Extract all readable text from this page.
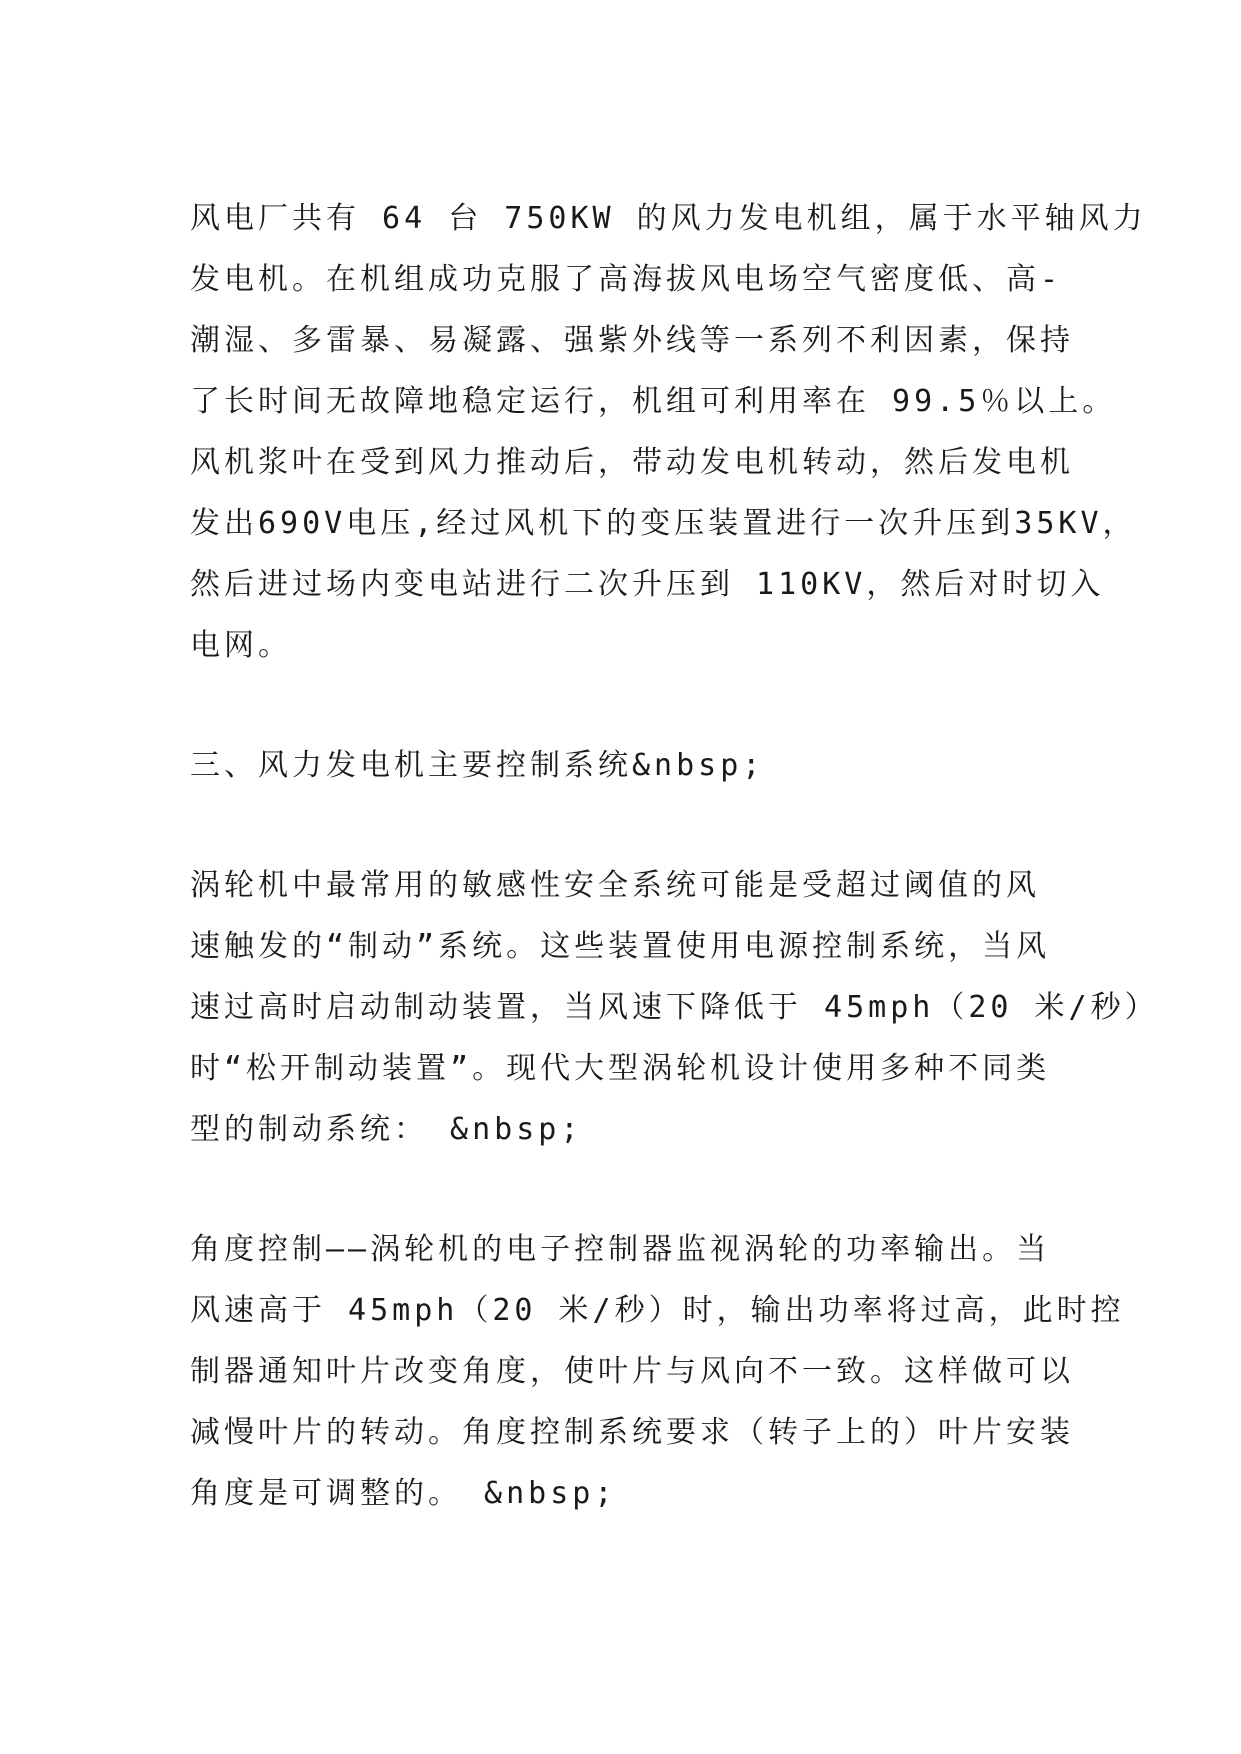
风电厂共有 64 台 750KW 的风力发电机组，属于水平轴风力
发电机。在机组成功克服了高海拔风电场空气密度低、高-
潮湿、多雷暴、易凝露、强紫外线等一系列不利因素，保持
了长时间无故障地稳定运行，机组可利用率在 99.5％以上。
风机浆叶在受到风力推动后，带动发电机转动，然后发电机
发出690V电压,经过风机下的变压装置进行一次升压到35KV，
然后进过场内变电站进行二次升压到 110KV，然后对时切入
电网。

三、风力发电机主要控制系统&nbsp;

涡轮机中最常用的敏感性安全系统可能是受超过阈值的风
速触发的“制动”系统。这些装置使用电源控制系统，当风
速过高时启动制动装置，当风速下降低于 45mph（20 米/秒）
时“松开制动装置”。现代大型涡轮机设计使用多种不同类
型的制动系统： &nbsp;

角度控制——涡轮机的电子控制器监视涡轮的功率输出。当
风速高于 45mph（20 米/秒）时，输出功率将过高，此时控
制器通知叶片改变角度，使叶片与风向不一致。这样做可以
减慢叶片的转动。角度控制系统要求（转子上的）叶片安装
角度是可调整的。 &nbsp;
